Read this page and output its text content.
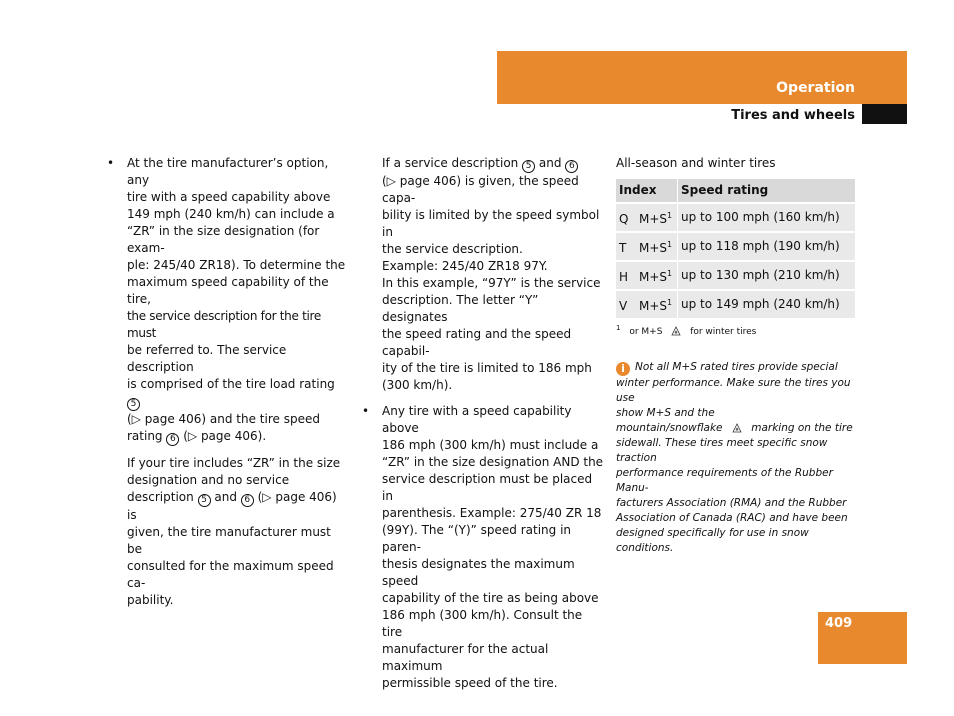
Operation
Tires and wheels
• At the tire manufacturer’s option, any
tire with a speed capability above
149 mph (240 km/h) can include a
“ZR” in the size designation (for exam-
ple: 245/40 ZR18). To determine the
maximum speed capability of the tire,
the service description for the tire must
be referred to. The service description
is comprised of the tire load rating 5
(▷ page 406) and the tire speed
rating 6 (▷ page 406).

If your tire includes “ZR” in the size
designation and no service
description 5 and 6 (▷ page 406) is
given, the tire manufacturer must be
consulted for the maximum speed ca-
pability.

If a service description 5 and 6
(▷ page 406) is given, the speed capa-
bility is limited by the speed symbol in
the service description.
Example: 245/40 ZR18 97Y.
In this example, “97Y” is the service
description. The letter “Y” designates
the speed rating and the speed capabil-
ity of the tire is limited to 186 mph
(300 km/h).

• Any tire with a speed capability above
186 mph (300 km/h) must include a
“ZR” in the size designation AND the
service description must be placed in
parenthesis. Example: 275/40 ZR 18
(99Y). The “(Y)” speed rating in paren-
thesis designates the maximum speed
capability of the tire as being above
186 mph (300 km/h). Consult the tire
manufacturer for the actual maximum
permissible speed of the tire.

All-season and winter tires
Index	Speed rating
Q $M+S^1$	up to 100 mph (160 km/h)
T $M+S^1$	up to 118 mph (190 km/h)
H $M+S^1$	up to 130 mph (210 km/h)
V $M+S^1$	up to 149 mph (240 km/h)
$^1$ or M+S	for winter tires
i Not all M+S rated tires provide special
winter performance. Make sure the tires you use
show M+S and the
mountain/snowflake	marking on the tire
sidewall. These tires meet specific snow traction
performance requirements of the Rubber Manu-
facturers Association (RMA) and the Rubber
Association of Canada (RAC) and have been
designed specifically for use in snow conditions.
409
